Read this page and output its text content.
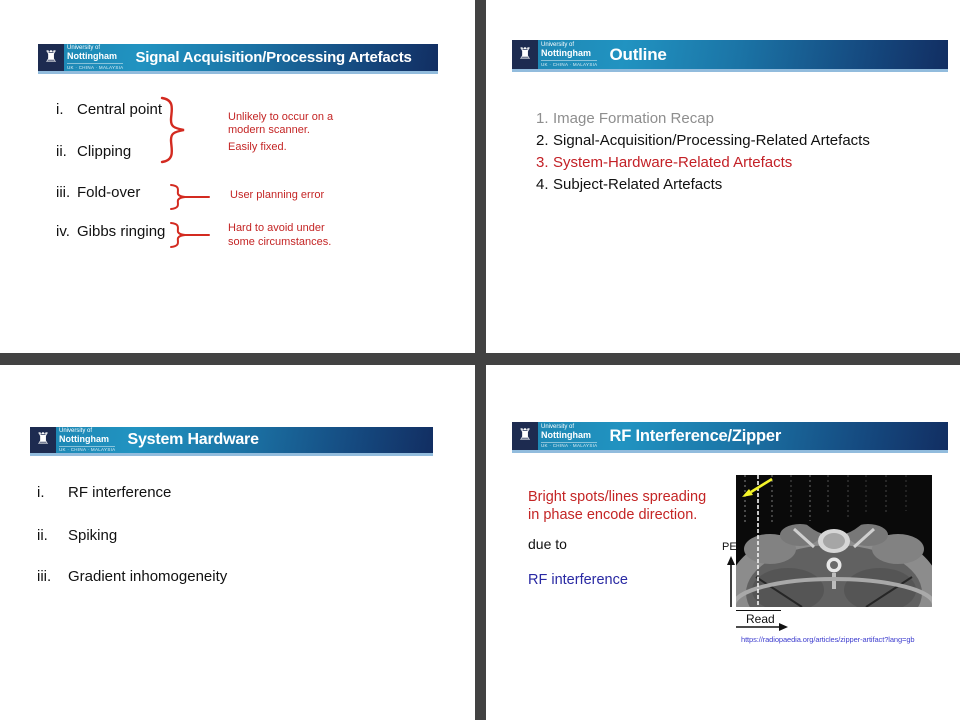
♜
University of
Nottingham
UK · CHINA · MALAYSIA
Signal Acquisition/Processing Artefacts
i. Central point
ii. Clipping
iii. Fold-over
iv. Gibbs ringing
Unlikely to occur on a
modern scanner.
Easily fixed.
User planning error
Hard to avoid under
some circumstances.
♜
University of
Nottingham
UK · CHINA · MALAYSIA
Outline
1. Image Formation Recap
2. Signal-Acquisition/Processing-Related Artefacts
3. System-Hardware-Related Artefacts
4. Subject-Related Artefacts
♜
University of
Nottingham
UK · CHINA · MALAYSIA
System Hardware
i.	RF interference
ii.	Spiking
iii.	Gradient inhomogeneity
♜
University of
Nottingham
UK · CHINA · MALAYSIA
RF Interference/Zipper
Bright spots/lines spreading
in phase encode direction.
due to
RF interference
PE
Read
https://radiopaedia.org/articles/zipper-artifact?lang=gb
